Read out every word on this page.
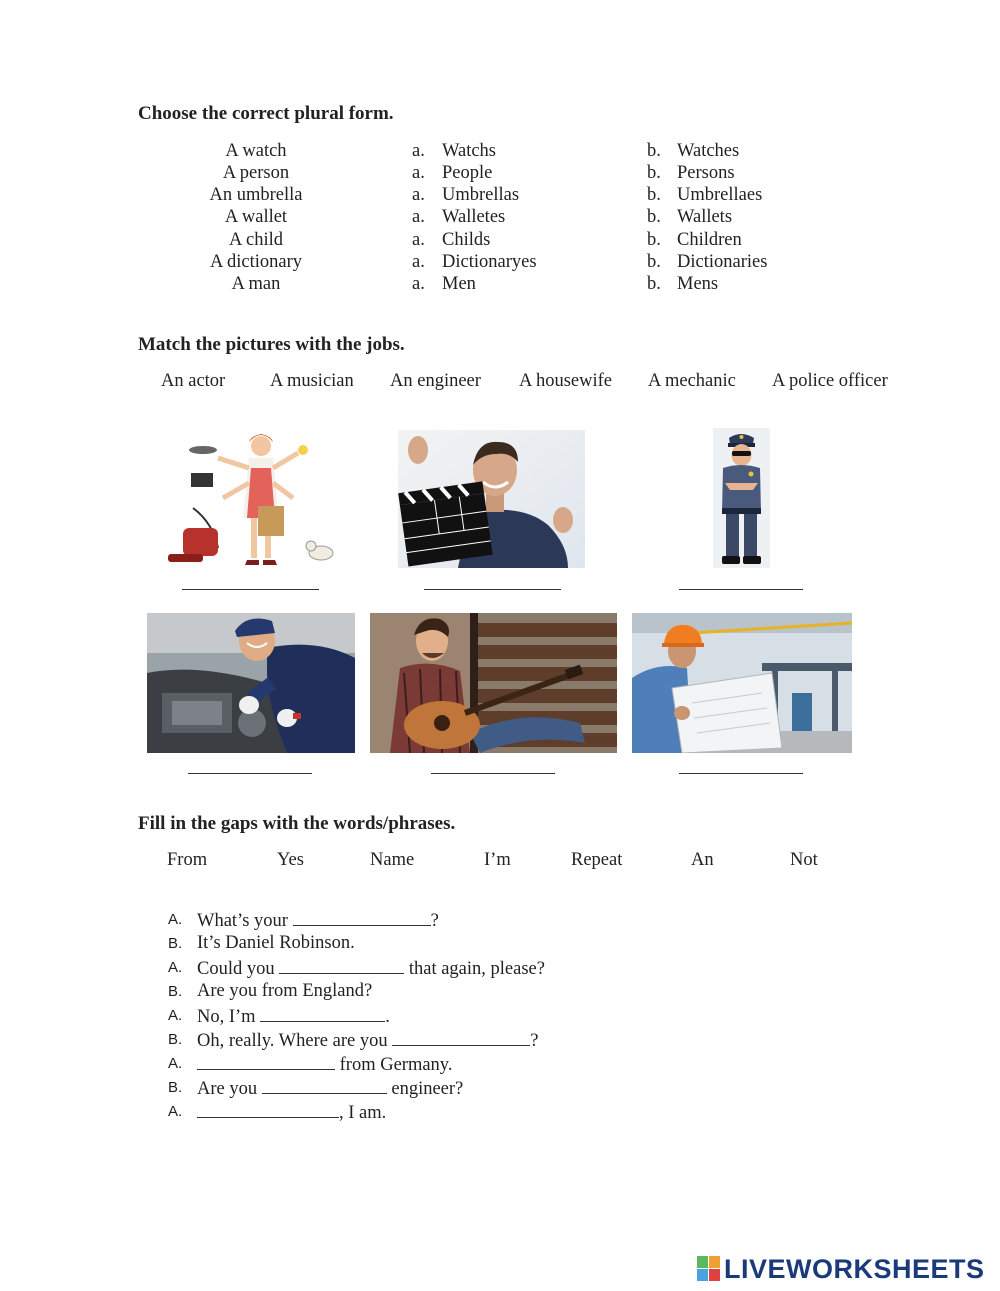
Choose the correct plural form.
A watch	a. Watchs	b. Watches
A person	a. People	b. Persons
An umbrella	a. Umbrellas	b. Umbrellaes
A wallet	a. Walletes	b. Wallets
A child	a. Childs	b. Children
A dictionary	a. Dictionaryes	b. Dictionaries
A man	a. Men	b. Mens
Match the pictures with the jobs.
An actor A musician An engineer A housewife A mechanic A police officer
Fill in the gaps with the words/phrases.
From	Yes	Name	I’m	Repeat	An	Not
A. What’s your	?
B. It’s Daniel Robinson.
A. Could you	that again, please?
B. Are you from England?
A. No, I’m	.
B. Oh, really. Where are you	?
A.	from Germany.
B. Are you	engineer?
A.	, I am.
LIVEWORKSHEETS
